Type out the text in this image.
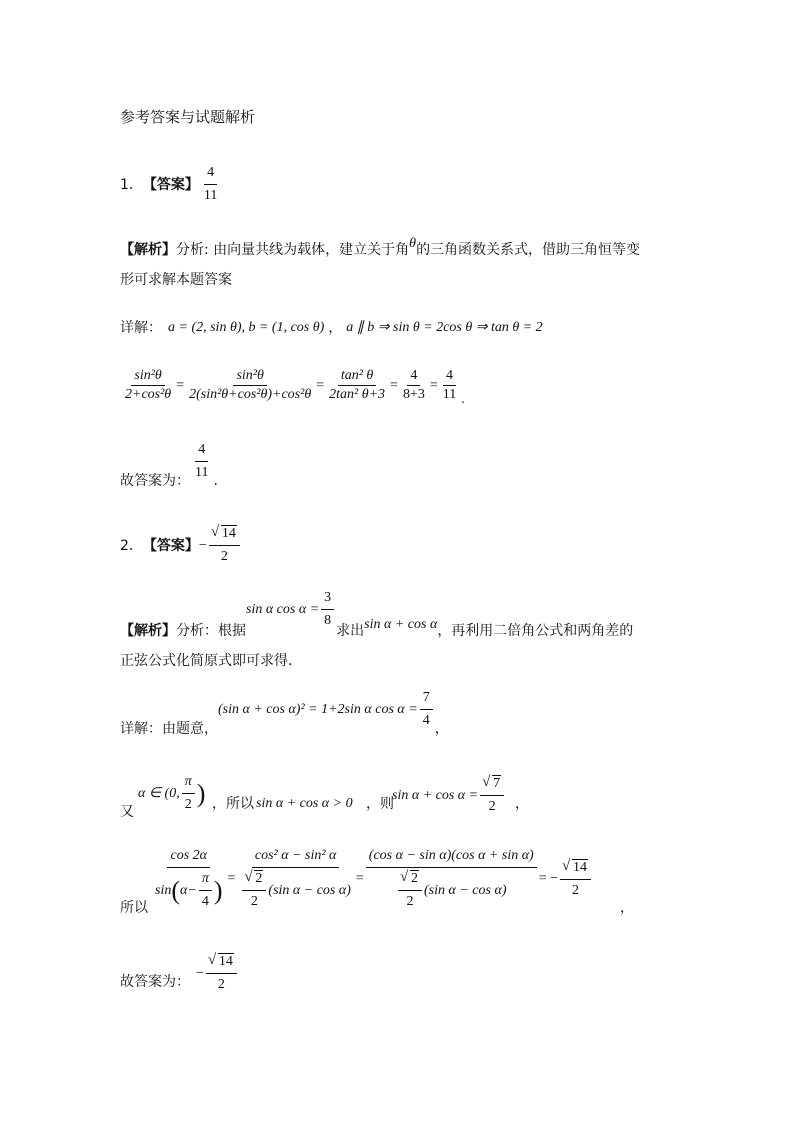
参考答案与试题解析
1． 【答案】 $\frac{4}{11}$
【解析】分析: 由向量共线为载体，建立关于角θ的三角函数关系式，借助三角恒等变
形可求解本题答案
详解： a = (2, sin θ), b = (1, cos θ) ， a ∥ b ⇒ sin θ = 2cos θ ⇒ tan θ = 2
$\frac{\text{sin²θ}}{\text{2+cos²θ}} = \frac{\text{sin²θ}}{\text{2(sin²θ+cos²θ)+cos²θ}} = \frac{\text{tan² θ}}{\text{2tan² θ+3}} = \frac{4}{8+3} = \frac{4}{11}$ .
故答案为： $\frac{4}{11}$ .
2． 【答案】 − √ $\frac{14}{2}$
【解析】 分析：根据
sin α $\cos \alpha = \frac{3}{8}$ 求出 sin α + cos α ，再利用二倍角公式和两角差的
正弦公式化简原式即可求得．
详解：由题意，
(sin α + cos α)² = 1+2sin α $\cos \alpha = \frac{7}{4}$ ，
又
α ∈ (0, $\frac{\pi}{2}$ ) ，所以 sin α + cos α > 0 ，则
sin α + cos α = √ $\frac{7}{2}$ ，
所以 $\frac{\cos 2\alpha}{\sin ( \alpha- \frac{\pi}{4} )} = \cos^2$ α − sin² α
√ $\frac{2}{2} (\sin$ α − cos α) = (cos α − sin α)(cos α + sin α)
√ $\frac{2}{2} (\sin$ α − cos α) = − √ $\frac{14}{2}$
，
故答案为：
− √ $\frac{14}{2}$
